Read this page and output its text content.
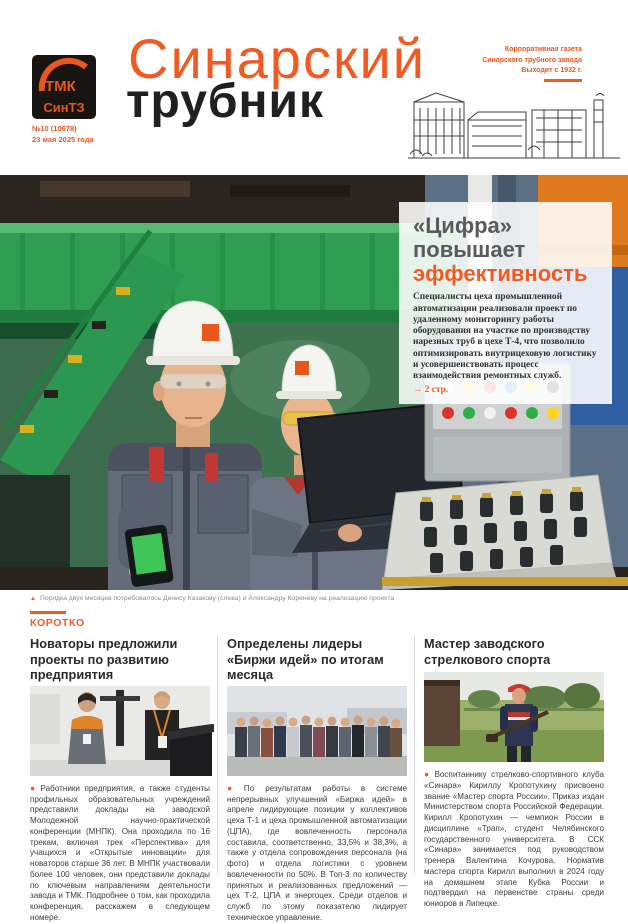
ТМК
СинТЗ
№10 (10678)
23 мая 2025 года
Синарский
трубник
Корпоративная газета
Синарского трубного завода
Выходит с 1932 г.
«Цифра»
повышает
эффективность
Специалисты цеха промышленной автоматизации реализовали проект по удаленному мониторингу работы оборудования на участке по производству нарезных труб в цехе Т-4, что позволило оптимизировать внутрицеховую логистику и усовершенствовать процесс взаимодействия ремонтных служб.
→ 2 стр.
▲ Порядка двух месяцев потребовалось Денису Казакову (слева) и Александру Кореневу на реализацию проекта
КОРОТКО
Новаторы предложили проекты по развитию предприятия
● Работники предприятия, а также студенты профильных образовательных учреждений представили доклады на заводской Молодежной научно-практической конференции (МНПК). Она проходила по 16 трекам, включая трек «Перспектива» для учащихся и «Открытые инновации» для новаторов старше 36 лет. В МНПК участвовали более 100 человек, они представили доклады по ключевым направлениям деятельности завода и ТМК. Подробнее о том, как проходила конференция, расскажем в следующем номере.
Определены лидеры «Биржи идей» по итогам месяца
● По результатам работы в системе непрерывных улучшений «Биржа идей» в апреле лидирующие позиции у коллективов цеха Т-1 и цеха промышленной автоматизации (ЦПА), где вовлеченность персонала составила, соответственно, 33,5% и 38,3%, а также у отдела сопровождения персонала (на фото) и отдела логистики с уровнем вовлеченности по 50%. В Топ-3 по количеству принятых и реализованных предложений — цех Т-2, ЦПА и энергоцех. Среди отделов и служб по этому показателю лидирует техническое управление.
Мастер заводского стрелкового спорта
● Воспитаннику стрелково-спортивного клуба «Синара» Кириллу Кропотухину присвоено звание «Мастер спорта России». Приказ издан Министерством спорта Российской Федерации. Кирилл Кропотухин — чемпион России в дисциплине «Трап», студент Челябинского государственного университета. В ССК «Синара» занимается под руководством тренера Валентина Кочурова. Норматив мастера спорта Кирилл выполнил в 2024 году на домашнем этапе Кубка России и подтвердил на первенстве страны среди юниоров в Липецке.
